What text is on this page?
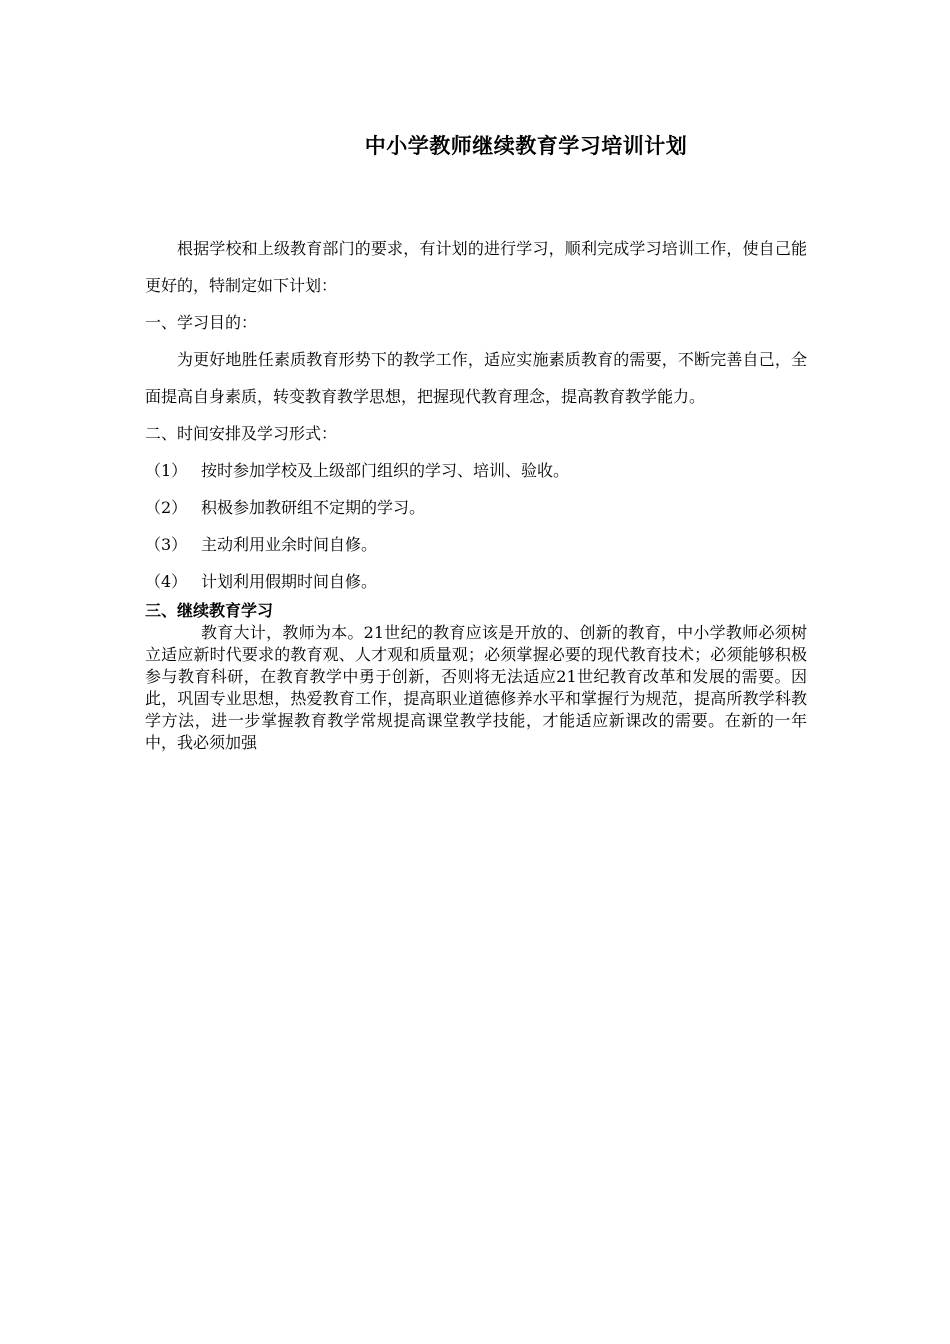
中小学教师继续教育学习培训计划

根据学校和上级教育部门的要求，有计划的进行学习，顺利完成学习培训工作，使自己能更好的，特制定如下计划：

一、学习目的：

为更好地胜任素质教育形势下的教学工作，适应实施素质教育的需要，不断完善自己，全面提高自身素质，转变教育教学思想，把握现代教育理念，提高教育教学能力。

二、时间安排及学习形式：

（1） 按时参加学校及上级部门组织的学习、培训、验收。

（2） 积极参加教研组不定期的学习。

（3） 主动利用业余时间自修。

（4） 计划利用假期时间自修。

三、继续教育学习

教育大计，教师为本。21世纪的教育应该是开放的、创新的教育，中小学教师必须树立适应新时代要求的教育观、人才观和质量观；必须掌握必要的现代教育技术；必须能够积极参与教育科研，在教育教学中勇于创新，否则将无法适应21世纪教育改革和发展的需要。因此，巩固专业思想，热爱教育工作，提高职业道德修养水平和掌握行为规范，提高所教学科教学方法，进一步掌握教育教学常规提高课堂教学技能，才能适应新课改的需要。在新的一年中，我必须加强
